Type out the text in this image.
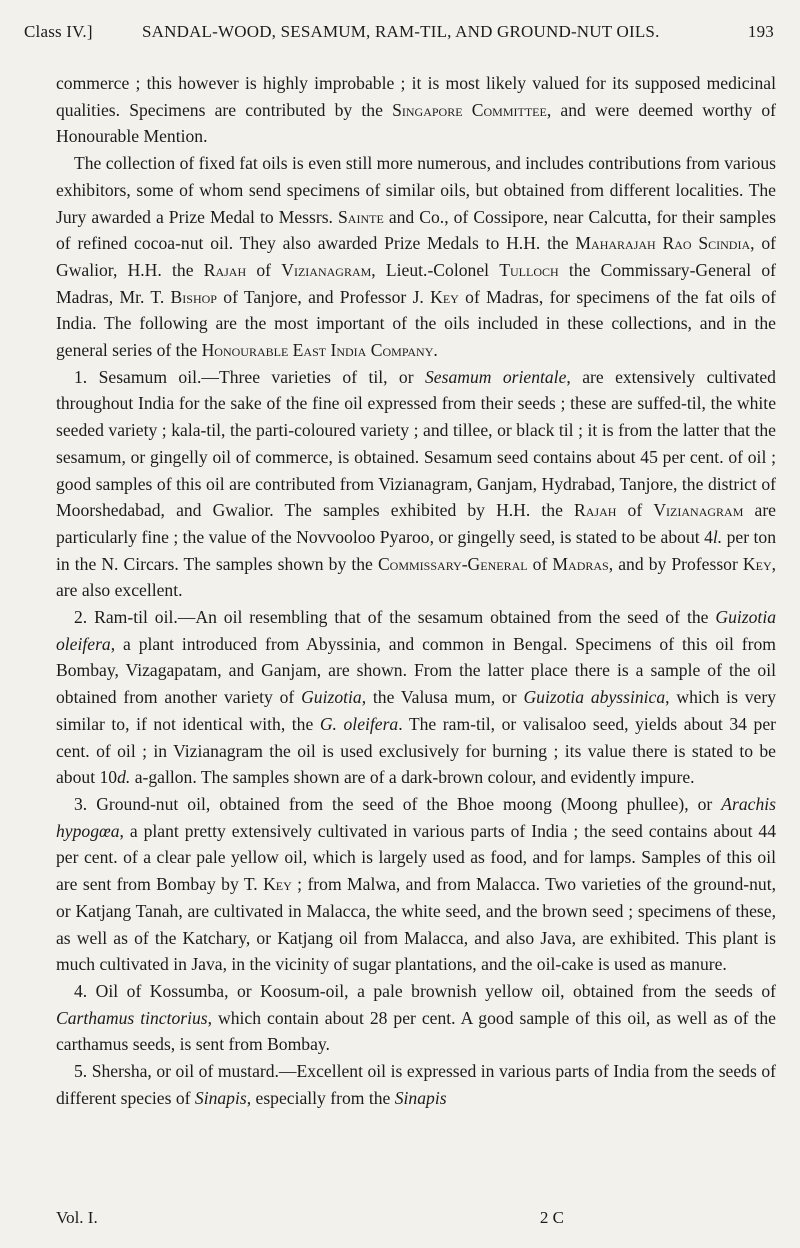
Class IV.]	SANDAL-WOOD, SESAMUM, RAM-TIL, AND GROUND-NUT OILS.	193

commerce ; this however is highly improbable ; it is most likely valued for its supposed medicinal qualities. Specimens are contributed by the Singapore Committee, and were deemed worthy of Honourable Mention.

The collection of fixed fat oils is even still more numerous, and includes contributions from various exhibitors, some of whom send specimens of similar oils, but obtained from different localities. The Jury awarded a Prize Medal to Messrs. Sainte and Co., of Cossipore, near Calcutta, for their samples of refined cocoa-nut oil. They also awarded Prize Medals to H.H. the Maharajah Rao Scindia, of Gwalior, H.H. the Rajah of Vizianagram, Lieut.-Colonel Tulloch the Commissary-General of Madras, Mr. T. Bishop of Tanjore, and Professor J. Key of Madras, for specimens of the fat oils of India. The following are the most important of the oils included in these collections, and in the general series of the Honourable East India Company.

1. Sesamum oil.—Three varieties of til, or Sesamum orientale, are extensively cultivated throughout India for the sake of the fine oil expressed from their seeds ; these are suffed-til, the white seeded variety ; kala-til, the parti-coloured variety ; and tillee, or black til ; it is from the latter that the sesamum, or gingelly oil of commerce, is obtained. Sesamum seed contains about 45 per cent. of oil ; good samples of this oil are contributed from Vizianagram, Ganjam, Hydrabad, Tanjore, the district of Moorshedabad, and Gwalior. The samples exhibited by H.H. the Rajah of Vizianagram are particularly fine ; the value of the Novvooloo Pyaroo, or gingelly seed, is stated to be about 4l. per ton in the N. Circars. The samples shown by the Commissary-General of Madras, and by Professor Key, are also excellent.

2. Ram-til oil.—An oil resembling that of the sesamum obtained from the seed of the Guizotia oleifera, a plant introduced from Abyssinia, and common in Bengal. Specimens of this oil from Bombay, Vizagapatam, and Ganjam, are shown. From the latter place there is a sample of the oil obtained from another variety of Guizotia, the Valusa mum, or Guizotia abyssinica, which is very similar to, if not identical with, the G. oleifera. The ram-til, or valisaloo seed, yields about 34 per cent. of oil ; in Vizianagram the oil is used exclusively for burning ; its value there is stated to be about 10d. a-gallon. The samples shown are of a dark-brown colour, and evidently impure.

3. Ground-nut oil, obtained from the seed of the Bhoe moong (Moong phullee), or Arachis hypogœa, a plant pretty extensively cultivated in various parts of India ; the seed contains about 44 per cent. of a clear pale yellow oil, which is largely used as food, and for lamps. Samples of this oil are sent from Bombay by T. Key ; from Malwa, and from Malacca. Two varieties of the ground-nut, or Katjang Tanah, are cultivated in Malacca, the white seed, and the brown seed ; specimens of these, as well as of the Katchary, or Katjang oil from Malacca, and also Java, are exhibited. This plant is much cultivated in Java, in the vicinity of sugar plantations, and the oil-cake is used as manure.

4. Oil of Kossumba, or Koosum-oil, a pale brownish yellow oil, obtained from the seeds of Carthamus tinctorius, which contain about 28 per cent. A good sample of this oil, as well as of the carthamus seeds, is sent from Bombay.

5. Shersha, or oil of mustard.—Excellent oil is expressed in various parts of India from the seeds of different species of Sinapis, especially from the Sinapis

Vol. I.	2 C
